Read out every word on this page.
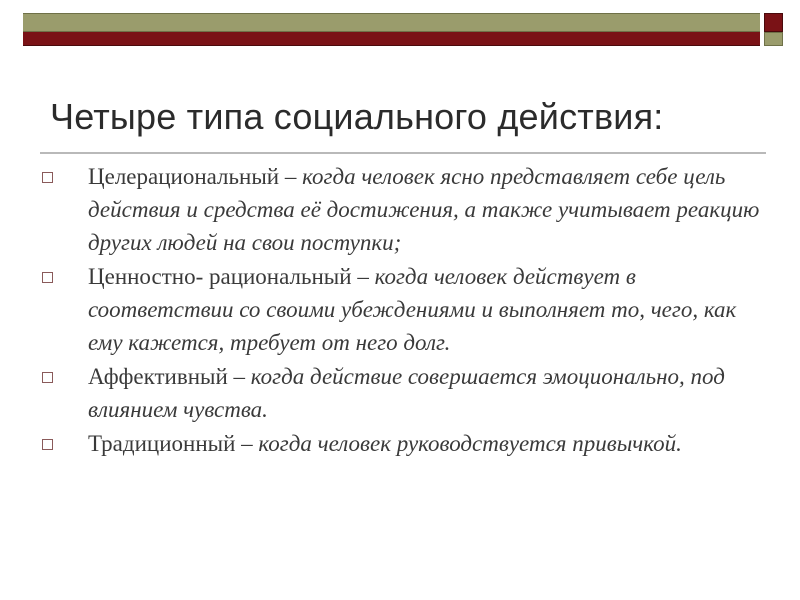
Четыре типа социального действия:
Целерациональный – когда человек ясно представляет себе цель действия и средства её достижения, а также учитывает реакцию других людей на свои поступки;
Ценностно- рациональный – когда человек действует в соответствии со своими убеждениями и выполняет то, чего, как ему кажется, требует от него долг.
Аффективный – когда действие совершается эмоционально, под влиянием чувства.
Традиционный – когда человек руководствуется привычкой.
